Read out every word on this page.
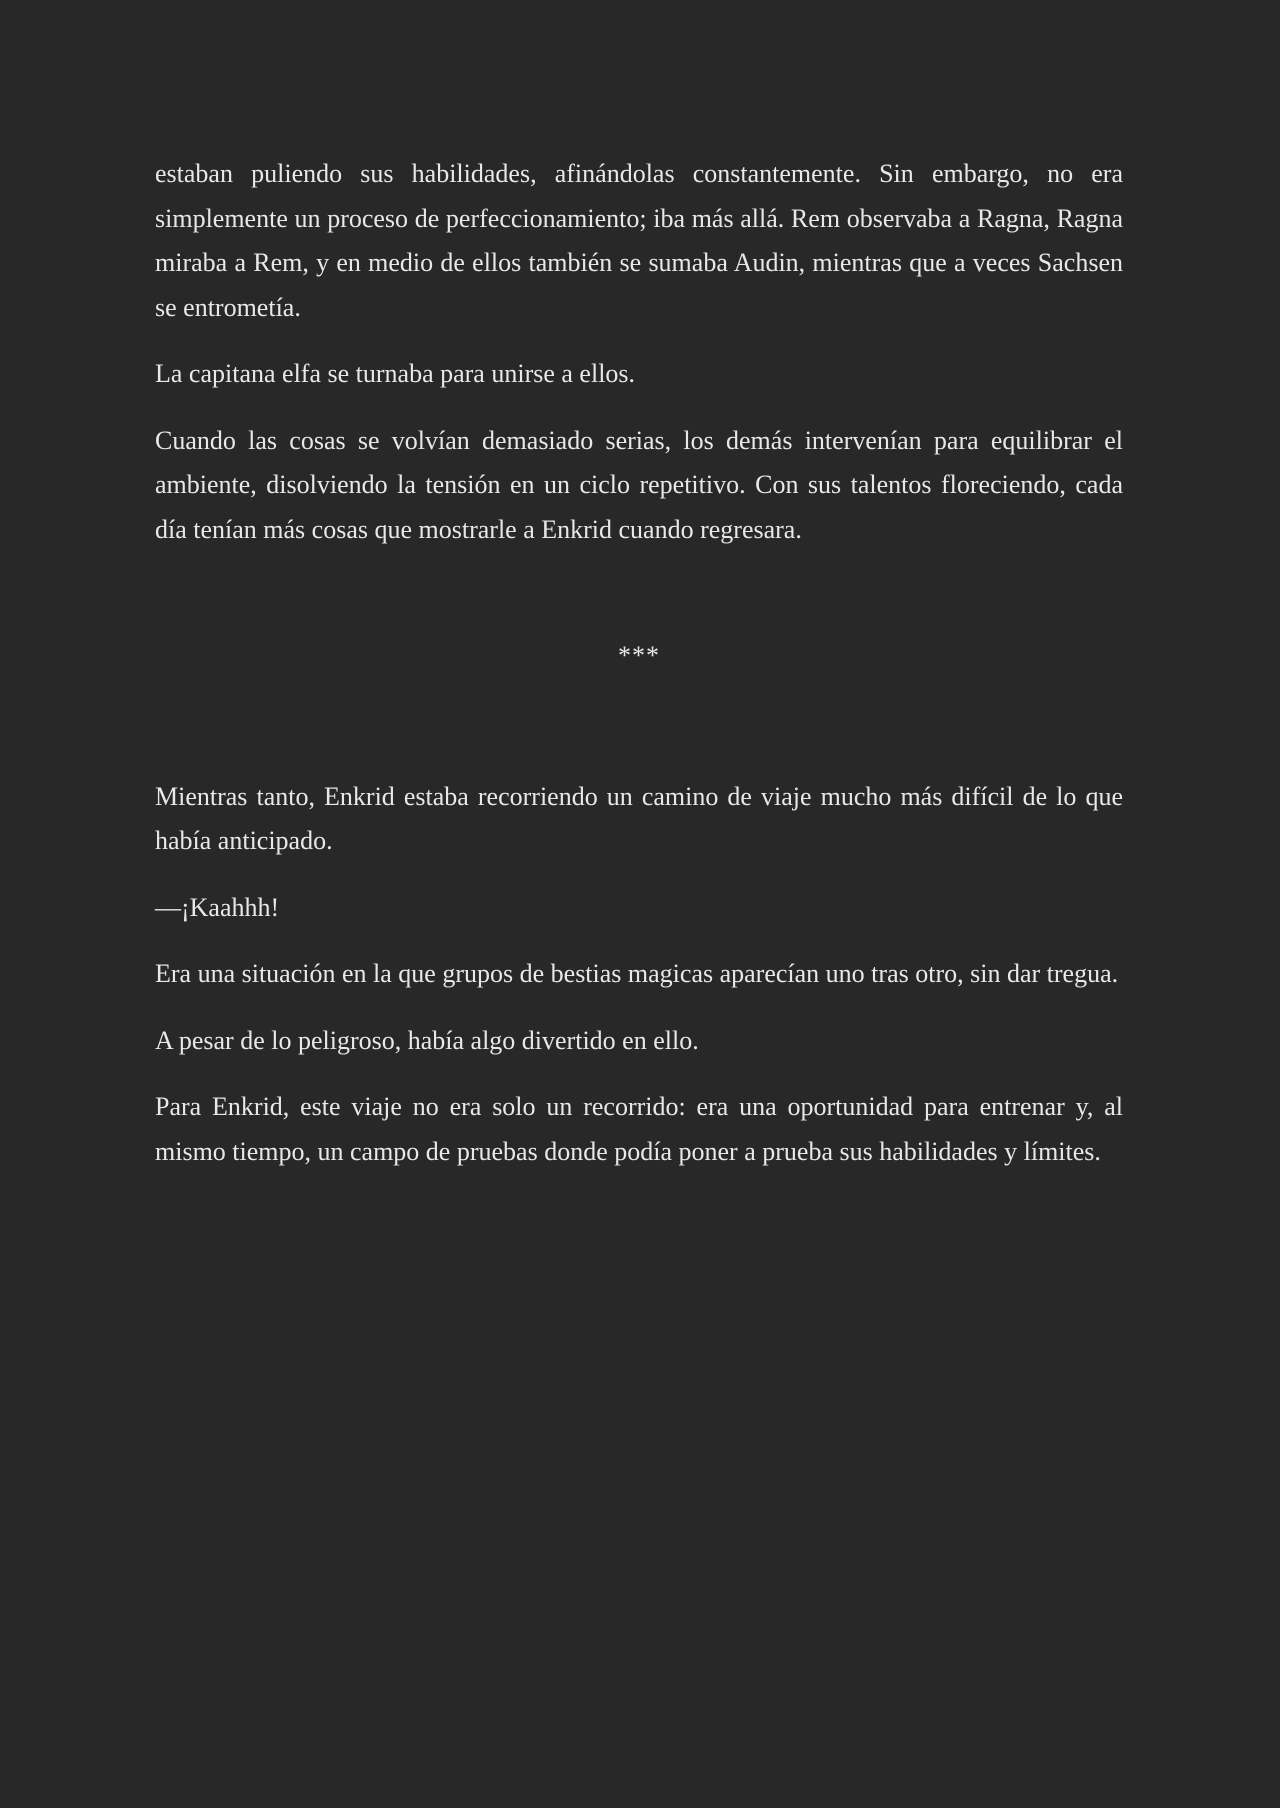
estaban puliendo sus habilidades, afinándolas constantemente. Sin embargo, no era simplemente un proceso de perfeccionamiento; iba más allá. Rem observaba a Ragna, Ragna miraba a Rem, y en medio de ellos también se sumaba Audin, mientras que a veces Sachsen se entrometía.

La capitana elfa se turnaba para unirse a ellos.

Cuando las cosas se volvían demasiado serias, los demás intervenían para equilibrar el ambiente, disolviendo la tensión en un ciclo repetitivo. Con sus talentos floreciendo, cada día tenían más cosas que mostrarle a Enkrid cuando regresara.

***

Mientras tanto, Enkrid estaba recorriendo un camino de viaje mucho más difícil de lo que había anticipado.

—¡Kaahhh!

Era una situación en la que grupos de bestias magicas aparecían uno tras otro, sin dar tregua.

A pesar de lo peligroso, había algo divertido en ello.

Para Enkrid, este viaje no era solo un recorrido: era una oportunidad para entrenar y, al mismo tiempo, un campo de pruebas donde podía poner a prueba sus habilidades y límites.
